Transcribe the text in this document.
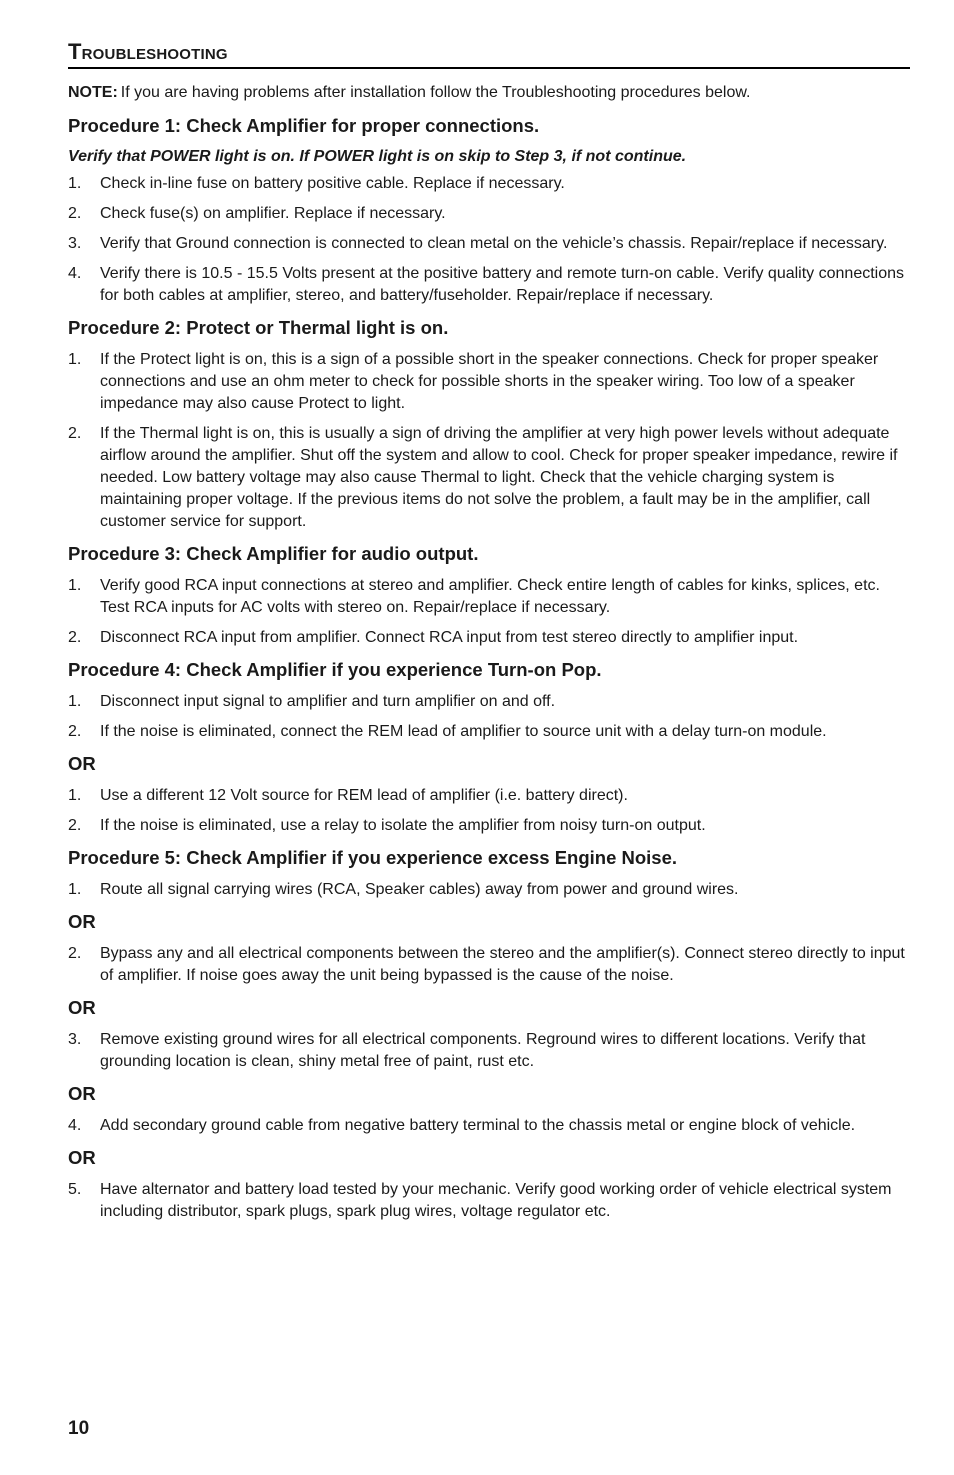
Troubleshooting
NOTE: If you are having problems after installation follow the Troubleshooting procedures below.
Procedure 1: Check Amplifier for proper connections.
Verify that POWER light is on. If POWER light is on skip to Step 3, if not continue.
1. Check in-line fuse on battery positive cable. Replace if necessary.
2. Check fuse(s) on amplifier. Replace if necessary.
3. Verify that Ground connection is connected to clean metal on the vehicle’s chassis. Repair/replace if necessary.
4. Verify there is 10.5 - 15.5 Volts present at the positive battery and remote turn-on cable. Verify quality connections for both cables at amplifier, stereo, and battery/fuseholder. Repair/replace if necessary.
Procedure 2: Protect or Thermal light is on.
1. If the Protect light is on, this is a sign of a possible short in the speaker connections. Check for proper speaker connections and use an ohm meter to check for possible shorts in the speaker wiring. Too low of a speaker impedance may also cause Protect to light.
2. If the Thermal light is on, this is usually a sign of driving the amplifier at very high power levels without adequate airflow around the amplifier. Shut off the system and allow to cool. Check for proper speaker impedance, rewire if needed. Low battery voltage may also cause Thermal to light. Check that the vehicle charging system is maintaining proper voltage. If the previous items do not solve the problem, a fault may be in the amplifier, call customer service for support.
Procedure 3: Check Amplifier for audio output.
1. Verify good RCA input connections at stereo and amplifier. Check entire length of cables for kinks, splices, etc. Test RCA inputs for AC volts with stereo on. Repair/replace if necessary.
2. Disconnect RCA input from amplifier. Connect RCA input from test stereo directly to amplifier input.
Procedure 4: Check Amplifier if you experience Turn-on Pop.
1. Disconnect input signal to amplifier and turn amplifier on and off.
2. If the noise is eliminated, connect the REM lead of amplifier to source unit with a delay turn-on module.
OR
1. Use a different 12 Volt source for REM lead of amplifier (i.e. battery direct).
2. If the noise is eliminated, use a relay to isolate the amplifier from noisy turn-on output.
Procedure 5: Check Amplifier if you experience excess Engine Noise.
1. Route all signal carrying wires (RCA, Speaker cables) away from power and ground wires.
OR
2. Bypass any and all electrical components between the stereo and the amplifier(s). Connect stereo directly to input of amplifier. If noise goes away the unit being bypassed is the cause of the noise.
OR
3. Remove existing ground wires for all electrical components. Reground wires to different locations. Verify that grounding location is clean, shiny metal free of paint, rust etc.
OR
4. Add secondary ground cable from negative battery terminal to the chassis metal or engine block of vehicle.
OR
5. Have alternator and battery load tested by your mechanic. Verify good working order of vehicle electrical system including distributor, spark plugs, spark plug wires, voltage regulator etc.
10
